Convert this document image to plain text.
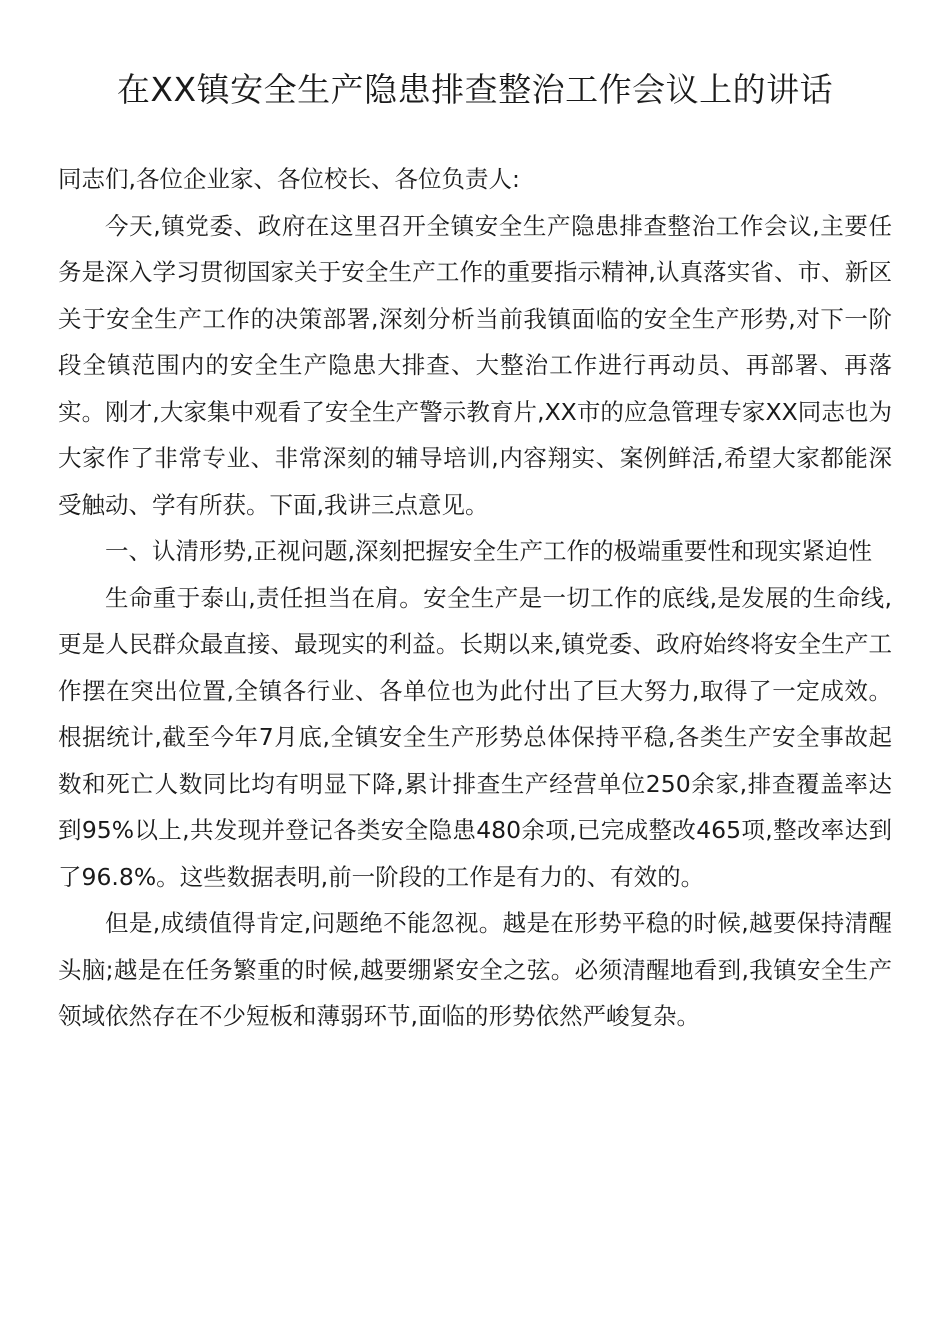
在XX镇安全生产隐患排查整治工作会议上的讲话

同志们,各位企业家、各位校长、各位负责人:

今天,镇党委、政府在这里召开全镇安全生产隐患排查整治工作会议,主要任务是深入学习贯彻国家关于安全生产工作的重要指示精神,认真落实省、市、新区关于安全生产工作的决策部署,深刻分析当前我镇面临的安全生产形势,对下一阶段全镇范围内的安全生产隐患大排查、大整治工作进行再动员、再部署、再落实。刚才,大家集中观看了安全生产警示教育片,XX市的应急管理专家XX同志也为大家作了非常专业、非常深刻的辅导培训,内容翔实、案例鲜活,希望大家都能深受触动、学有所获。下面,我讲三点意见。

一、认清形势,正视问题,深刻把握安全生产工作的极端重要性和现实紧迫性

生命重于泰山,责任担当在肩。安全生产是一切工作的底线,是发展的生命线,更是人民群众最直接、最现实的利益。长期以来,镇党委、政府始终将安全生产工作摆在突出位置,全镇各行业、各单位也为此付出了巨大努力,取得了一定成效。根据统计,截至今年7月底,全镇安全生产形势总体保持平稳,各类生产安全事故起数和死亡人数同比均有明显下降,累计排查生产经营单位250余家,排查覆盖率达到95%以上,共发现并登记各类安全隐患480余项,已完成整改465项,整改率达到了96.8%。这些数据表明,前一阶段的工作是有力的、有效的。

但是,成绩值得肯定,问题绝不能忽视。越是在形势平稳的时候,越要保持清醒头脑;越是在任务繁重的时候,越要绷紧安全之弦。必须清醒地看到,我镇安全生产领域依然存在不少短板和薄弱环节,面临的形势依然严峻复杂。
